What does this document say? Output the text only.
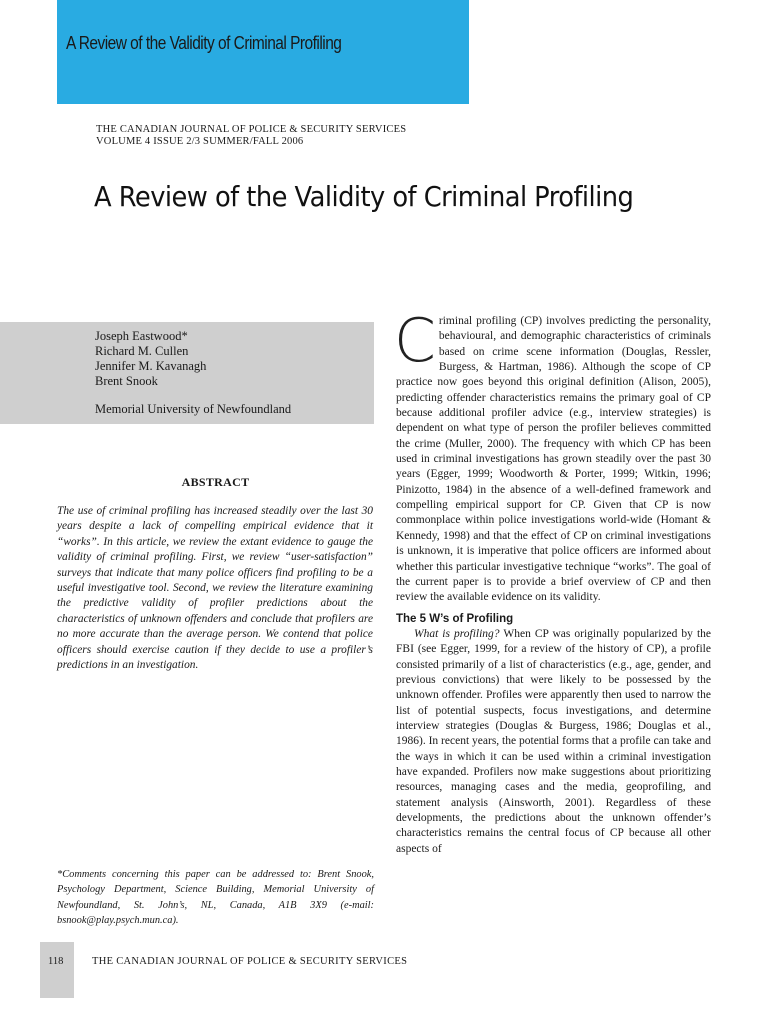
A Review of the Validity of Criminal Profiling
THE CANADIAN JOURNAL OF POLICE & SECURITY SERVICES
VOLUME 4 ISSUE 2/3 SUMMER/FALL 2006
A Review of the Validity of Criminal Profiling
Joseph Eastwood*
Richard M. Cullen
Jennifer M. Kavanagh
Brent Snook
Memorial University of Newfoundland
ABSTRACT
The use of criminal profiling has increased steadily over the last 30 years despite a lack of compelling empirical evidence that it “works”. In this article, we review the extant evidence to gauge the validity of criminal profiling. First, we review “user-satisfaction” surveys that indicate that many police officers find profiling to be a useful investigative tool. Second, we review the literature examining the predictive validity of profiler predictions about the characteristics of unknown offenders and conclude that profilers are no more accurate than the average person. We contend that police officers should exercise caution if they decide to use a profiler’s predictions in an investigation.
*Comments concerning this paper can be addressed to: Brent Snook, Psychology Department, Science Building, Memorial University of Newfoundland, St. John’s, NL, Canada, A1B 3X9 (e-mail: bsnook@play.psych.mun.ca).

Criminal profiling (CP) involves predicting the personality, behavioural, and demographic characteristics of criminals based on crime scene information (Douglas, Ressler, Burgess, & Hartman, 1986). Although the scope of CP practice now goes beyond this original definition (Alison, 2005), predicting offender characteristics remains the primary goal of CP because additional profiler advice (e.g., interview strategies) is dependent on what type of person the profiler believes committed the crime (Muller, 2000). The frequency with which CP has been used in criminal investigations has grown steadily over the past 30 years (Egger, 1999; Woodworth & Porter, 1999; Witkin, 1996; Pinizotto, 1984) in the absence of a well-defined framework and compelling empirical support for CP. Given that CP is now commonplace within police investigations world-wide (Homant & Kennedy, 1998) and that the effect of CP on criminal investigations is unknown, it is imperative that police officers are informed about whether this particular investigative technique “works”. The goal of the current paper is to provide a brief overview of CP and then review the available evidence on its validity.

The 5 W’s of Profiling

What is profiling? When CP was originally popularized by the FBI (see Egger, 1999, for a review of the history of CP), a profile consisted primarily of a list of characteristics (e.g., age, gender, and previous convictions) that were likely to be possessed by the unknown offender. Profiles were apparently then used to narrow the list of potential suspects, focus investigations, and determine interview strategies (Douglas & Burgess, 1986; Douglas et al., 1986). In recent years, the potential forms that a profile can take and the ways in which it can be used within a criminal investigation have expanded. Profilers now make suggestions about prioritizing resources, managing cases and the media, geoprofiling, and statement analysis (Ainsworth, 2001). Regardless of these developments, the predictions about the unknown offender’s characteristics remains the central focus of CP because all other aspects of

118	THE CANADIAN JOURNAL OF POLICE & SECURITY SERVICES
